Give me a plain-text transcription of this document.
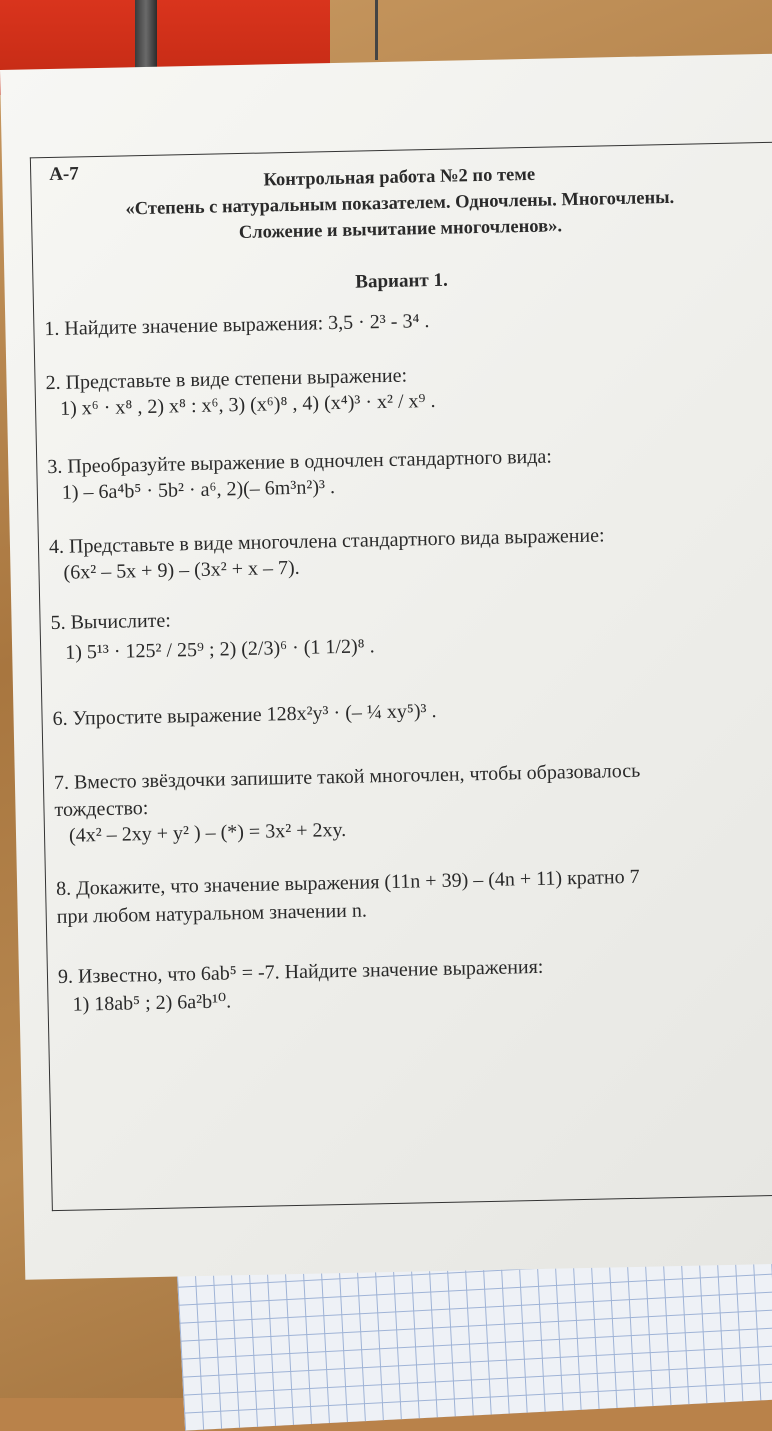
A-7	Контрольная работа №2 по теме
«Степень с натуральным показателем. Одночлены. Многочлены.
Сложение и вычитание многочленов».
Вариант 1.
1. Найдите значение выражения: 3,5 · 2³ - 3⁴ .
2. Представьте в виде степени выражение:
1) x⁶ · x⁸ , 2) x⁸ : x⁶, 3) (x⁶)⁸ , 4) (x⁴)³ · x² / x⁹ .
3. Преобразуйте выражение в одночлен стандартного вида:
1) – 6a⁴b⁵ · 5b² · a⁶, 2)(– 6m³n²)³ .
4. Представьте в виде многочлена стандартного вида выражение:
(6x² – 5x + 9) – (3x² + x – 7).
5. Вычислите:
1) 5¹³ · 125² / 25⁹ ; 2) (2/3)⁶ · (1 1/2)⁸ .
6. Упростите выражение 128x²y³ · (– ¼ xy⁵)³ .
7. Вместо звёздочки запишите такой многочлен, чтобы образовалось
тождество:
(4x² – 2xy + y² ) – (*) = 3x² + 2xy.
8. Докажите, что значение выражения (11n + 39) – (4n + 11) кратно 7
при любом натуральном значении n.
9. Известно, что 6ab⁵ = -7. Найдите значение выражения:
1) 18ab⁵ ; 2) 6a²b¹⁰.
